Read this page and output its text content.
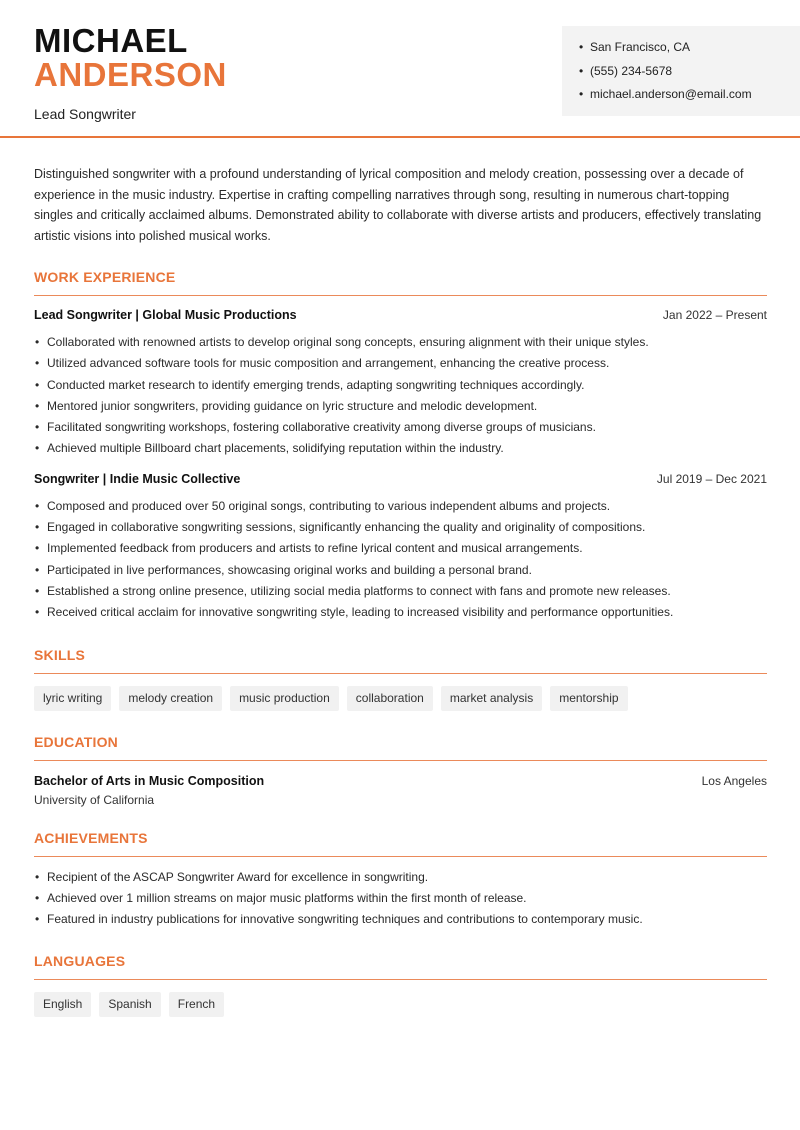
MICHAEL
ANDERSON
Lead Songwriter
• San Francisco, CA
• (555) 234-5678
• michael.anderson@email.com

Distinguished songwriter with a profound understanding of lyrical composition and melody creation, possessing over a decade of experience in the music industry. Expertise in crafting compelling narratives through song, resulting in numerous chart-topping singles and critically acclaimed albums. Demonstrated ability to collaborate with diverse artists and producers, effectively translating artistic visions into polished musical works.

WORK EXPERIENCE
Lead Songwriter | Global Music Productions	Jan 2022 – Present
• Collaborated with renowned artists to develop original song concepts, ensuring alignment with their unique styles.
• Utilized advanced software tools for music composition and arrangement, enhancing the creative process.
• Conducted market research to identify emerging trends, adapting songwriting techniques accordingly.
• Mentored junior songwriters, providing guidance on lyric structure and melodic development.
• Facilitated songwriting workshops, fostering collaborative creativity among diverse groups of musicians.
• Achieved multiple Billboard chart placements, solidifying reputation within the industry.
Songwriter | Indie Music Collective	Jul 2019 – Dec 2021
• Composed and produced over 50 original songs, contributing to various independent albums and projects.
• Engaged in collaborative songwriting sessions, significantly enhancing the quality and originality of compositions.
• Implemented feedback from producers and artists to refine lyrical content and musical arrangements.
• Participated in live performances, showcasing original works and building a personal brand.
• Established a strong online presence, utilizing social media platforms to connect with fans and promote new releases.
• Received critical acclaim for innovative songwriting style, leading to increased visibility and performance opportunities.
SKILLS
lyric writing	melody creation	music production	collaboration	market analysis	mentorship
EDUCATION
Bachelor of Arts in Music Composition	Los Angeles
University of California
ACHIEVEMENTS
• Recipient of the ASCAP Songwriter Award for excellence in songwriting.
• Achieved over 1 million streams on major music platforms within the first month of release.
• Featured in industry publications for innovative songwriting techniques and contributions to contemporary music.
LANGUAGES
English	Spanish	French
